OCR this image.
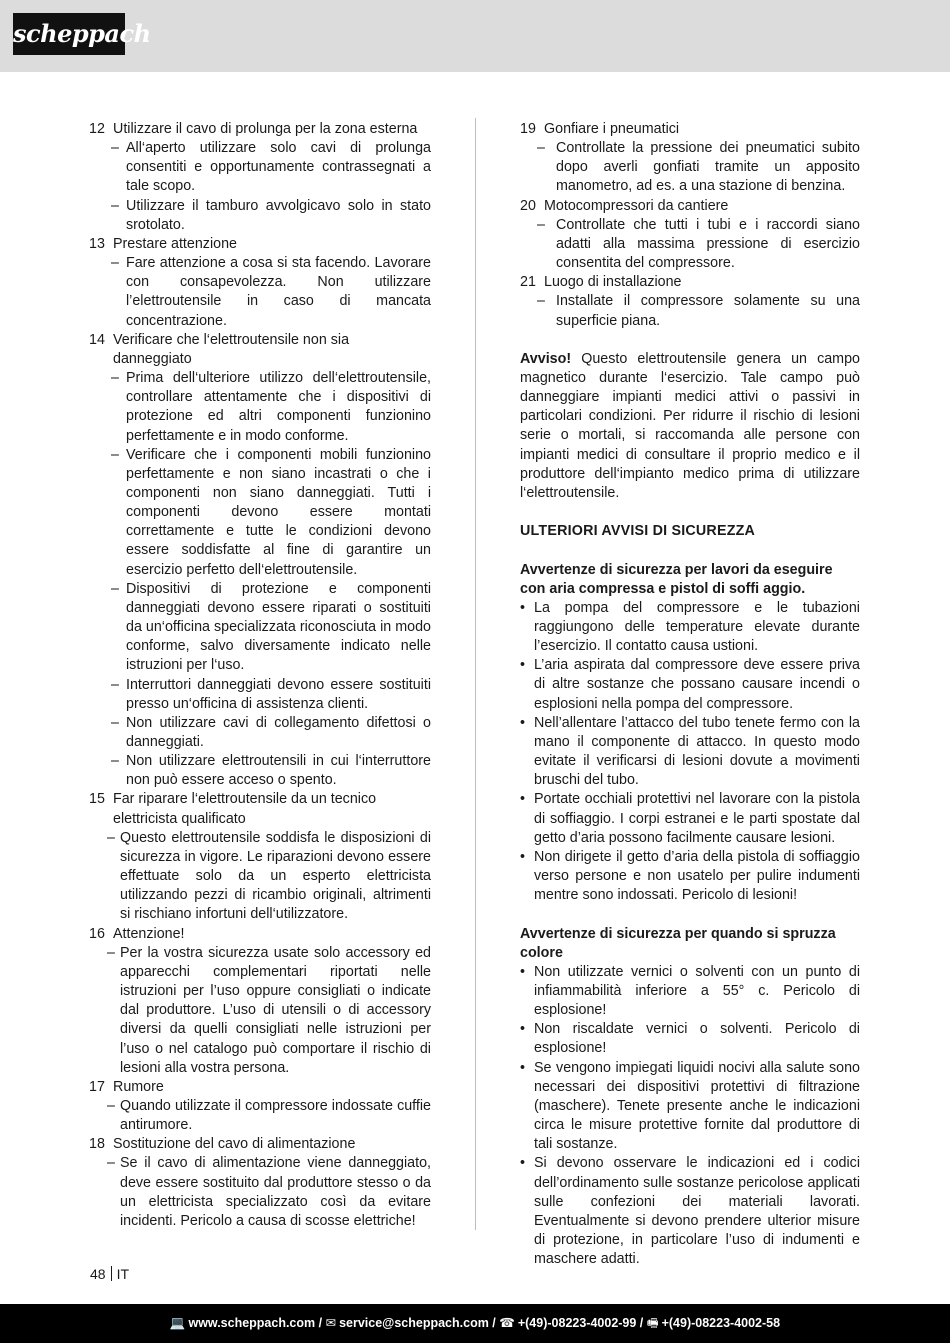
scheppach
12 Utilizzare il cavo di prolunga per la zona esterna
– All‘aperto utilizzare solo cavi di prolunga consentiti e opportunamente contrassegnati a tale scopo.
– Utilizzare il tamburo avvolgicavo solo in stato srotolato.
13 Prestare attenzione
– Fare attenzione a cosa si sta facendo. Lavorare con consapevolezza. Non utilizzare l’elettroutensile in caso di mancata concentrazione.
14 Verificare che l‘elettroutensile non sia danneggiato
– Prima dell‘ulteriore utilizzo dell‘elettroutensile, controllare attentamente che i dispositivi di protezione ed altri componenti funzionino perfettamente e in modo conforme.
– Verificare che i componenti mobili funzionino perfettamente e non siano incastrati o che i componenti non siano danneggiati. Tutti i componenti devono essere montati correttamente e tutte le condizioni devono essere soddisfatte al fine di garantire un esercizio perfetto dell‘elettroutensile.
– Dispositivi di protezione e componenti danneggiati devono essere riparati o sostituiti da un‘officina specializzata riconosciuta in modo conforme, salvo diversamente indicato nelle istruzioni per l‘uso.
– Interruttori danneggiati devono essere sostituiti presso un‘officina di assistenza clienti.
– Non utilizzare cavi di collegamento difettosi o danneggiati.
– Non utilizzare elettroutensili in cui l‘interruttore non può essere acceso o spento.
15 Far riparare l‘elettroutensile da un tecnico elettricista qualificato
– Questo elettroutensile soddisfa le disposizioni di sicurezza in vigore. Le riparazioni devono essere effettuate solo da un esperto elettricista utilizzando pezzi di ricambio originali, altrimenti si rischiano infortuni dell‘utilizzatore.
16 Attenzione!
– Per la vostra sicurezza usate solo accessory ed apparecchi complementari riportati nelle istruzioni per l’uso oppure consigliati o indicate dal produttore. L’uso di utensili o di accessory diversi da quelli consigliati nelle istruzioni per l’uso o nel catalogo può comportare il rischio di lesioni alla vostra persona.
17 Rumore
– Quando utilizzate il compressore indossate cuffie antirumore.
18 Sostituzione del cavo di alimentazione
– Se il cavo di alimentazione viene danneggiato, deve essere sostituito dal produttore stesso o da un elettricista specializzato così da evitare incidenti. Pericolo a causa di scosse elettriche!
19 Gonfiare i pneumatici
– Controllate la pressione dei pneumatici subito dopo averli gonfiati tramite un apposito manometro, ad es. a una stazione di benzina.
20 Motocompressori da cantiere
– Controllate che tutti i tubi e i raccordi siano adatti alla massima pressione di esercizio consentita del compressore.
21 Luogo di installazione
– Installate il compressore solamente su una superficie piana.
Avviso! Questo elettroutensile genera un campo magnetico durante l‘esercizio. Tale campo può danneggiare impianti medici attivi o passivi in particolari condizioni. Per ridurre il rischio di lesioni serie o mortali, si raccomanda alle persone con impianti medici di consultare il proprio medico e il produttore dell‘impianto medico prima di utilizzare l‘elettroutensile.
ULTERIORI AVVISI DI SICUREZZA
Avvertenze di sicurezza per lavori da eseguire con aria compressa e pistol di soffi aggio.
• La pompa del compressore e le tubazioni raggiungono delle temperature elevate durante l’esercizio. Il contatto causa ustioni.
• L’aria aspirata dal compressore deve essere priva di altre sostanze che possano causare incendi o esplosioni nella pompa del compressore.
• Nell’allentare l’attacco del tubo tenete fermo con la mano il componente di attacco. In questo modo evitate il verificarsi di lesioni dovute a movimenti bruschi del tubo.
• Portate occhiali protettivi nel lavorare con la pistola di soffiaggio. I corpi estranei e le parti spostate dal getto d’aria possono facilmente causare lesioni.
• Non dirigete il getto d’aria della pistola di soffiaggio verso persone e non usatelo per pulire indumenti mentre sono indossati. Pericolo di lesioni!
Avvertenze di sicurezza per quando si spruzza colore
• Non utilizzate vernici o solventi con un punto di infiammabilità inferiore a 55° c. Pericolo di esplosione!
• Non riscaldate vernici o solventi. Pericolo di esplosione!
• Se vengono impiegati liquidi nocivi alla salute sono necessari dei dispositivi protettivi di filtrazione (maschere). Tenete presente anche le indicazioni circa le misure protettive fornite dal produttore di tali sostanze.
• Si devono osservare le indicazioni ed i codici dell’ordinamento sulle sostanze pericolose applicati sulle confezioni dei materiali lavorati. Eventualmente si devono prendere ulterior misure di protezione, in particolare l’uso di indumenti e maschere adatti.
48 IT
💻 www.scheppach.com / ✉ service@scheppach.com / ☎ +(49)-08223-4002-99 / 🖷 +(49)-08223-4002-58
